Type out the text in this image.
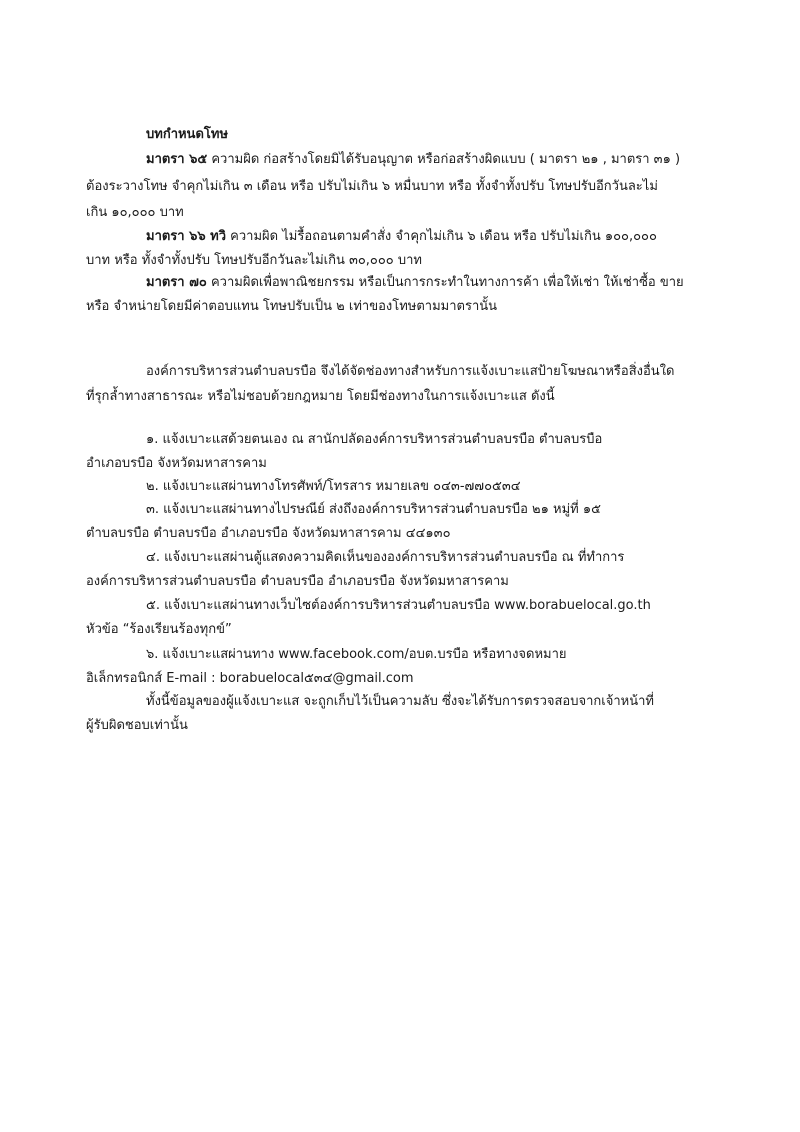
บทกำหนดโทษ
มาตรา ๖๕ ความผิด ก่อสร้างโดยมิได้รับอนุญาต หรือก่อสร้างผิดแบบ ( มาตรา ๒๑ , มาตรา ๓๑ )
ต้องระวางโทษ จำคุกไม่เกิน ๓ เดือน หรือ ปรับไม่เกิน ๖ หมื่นบาท หรือ ทั้งจำทั้งปรับ โทษปรับอีกวันละไม่
เกิน ๑๐,๐๐๐ บาท
มาตรา ๖๖ ทวิ ความผิด ไม่รื้อถอนตามคำสั่ง จำคุกไม่เกิน ๖ เดือน หรือ ปรับไม่เกิน ๑๐๐,๐๐๐
บาท หรือ ทั้งจำทั้งปรับ โทษปรับอีกวันละไม่เกิน ๓๐,๐๐๐ บาท
มาตรา ๗๐ ความผิดเพื่อพาณิชยกรรม หรือเป็นการกระทำในทางการค้า เพื่อให้เช่า ให้เช่าซื้อ ขาย
หรือ จำหน่ายโดยมีค่าตอบแทน โทษปรับเป็น ๒ เท่าของโทษตามมาตรานั้น
องค์การบริหารส่วนตำบลบรบือ จึงได้จัดช่องทางสำหรับการแจ้งเบาะแสป้ายโฆษณาหรือสิ่งอื่นใด
ที่รุกล้ำทางสาธารณะ หรือไม่ชอบด้วยกฎหมาย โดยมีช่องทางในการแจ้งเบาะแส ดังนี้
๑. แจ้งเบาะแสด้วยตนเอง ณ สานักปลัดองค์การบริหารส่วนตำบลบรบือ ตำบลบรบือ
อำเภอบรบือ จังหวัดมหาสารคาม
๒. แจ้งเบาะแสผ่านทางโทรศัพท์/โทรสาร หมายเลข ๐๔๓-๗๗๐๕๓๔
๓. แจ้งเบาะแสผ่านทางไปรษณีย์ ส่งถึงองค์การบริหารส่วนตำบลบรบือ ๒๑ หมู่ที่ ๑๕
ตำบลบรบือ ตำบลบรบือ อำเภอบรบือ จังหวัดมหาสารคาม ๔๔๑๓๐
๔. แจ้งเบาะแสผ่านตู้แสดงความคิดเห็นขององค์การบริหารส่วนตำบลบรบือ ณ ที่ทำการ
องค์การบริหารส่วนตำบลบรบือ ตำบลบรบือ อำเภอบรบือ จังหวัดมหาสารคาม
๕. แจ้งเบาะแสผ่านทางเว็บไซต์องค์การบริหารส่วนตำบลบรบือ www.borabuelocal.go.th
หัวข้อ “ร้องเรียนร้องทุกข์”
๖. แจ้งเบาะแสผ่านทาง www.facebook.com/อบต.บรบือ หรือทางจดหมาย
อิเล็กทรอนิกส์ E-mail : borabuelocal๕๓๔@gmail.com
ทั้งนี้ข้อมูลของผู้แจ้งเบาะแส จะถูกเก็บไว้เป็นความลับ ซึ่งจะได้รับการตรวจสอบจากเจ้าหน้าที่
ผู้รับผิดชอบเท่านั้น
